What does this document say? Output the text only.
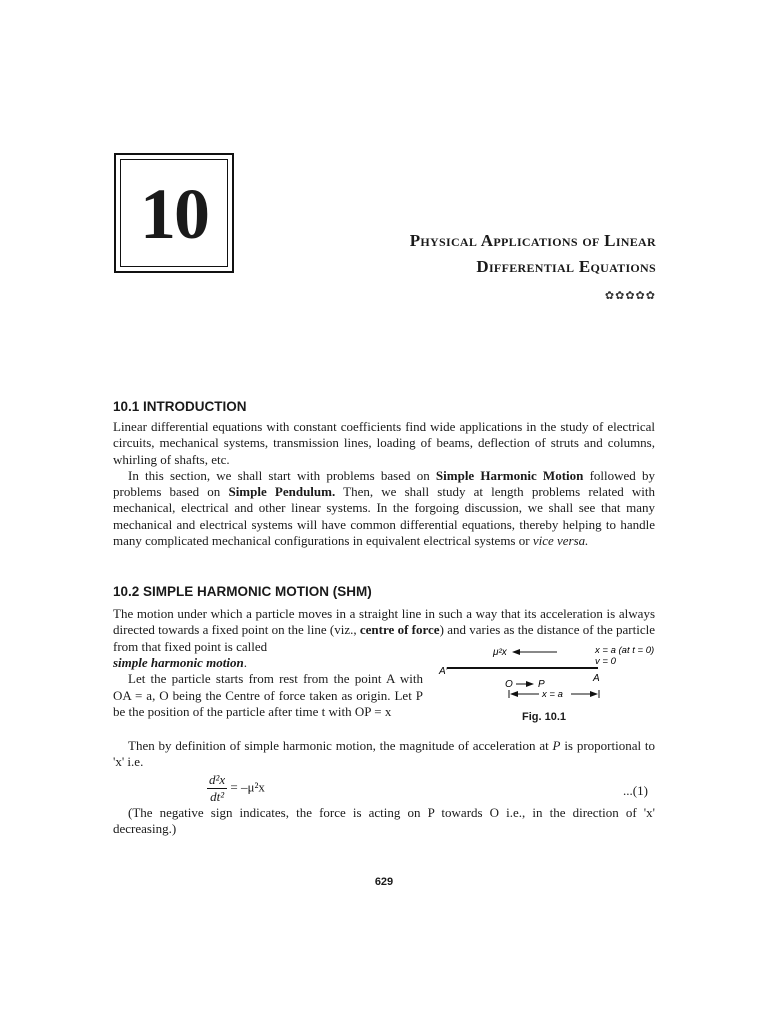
10	Physical Applications of Linear
Differential Equations
✿✿✿✿✿
10.1 INTRODUCTION

Linear differential equations with constant coefficients find wide applications in the study of electrical circuits, mechanical systems, transmission lines, loading of beams, deflection of struts and columns, whirling of shafts, etc.

In this section, we shall start with problems based on Simple Harmonic Motion followed by problems based on Simple Pendulum. Then, we shall study at length problems related with mechanical, electrical and other linear systems. In the forgoing discussion, we shall see that many mechanical and electrical systems will have common differential equations, thereby helping to handle many complicated mechanical configurations in equivalent electrical systems or vice versa.

10.2 SIMPLE HARMONIC MOTION (SHM)

The motion under which a particle moves in a straight line in such a way that its acceleration is always directed towards a fixed point on the line (viz., centre of force) and varies as the distance of the particle from that fixed point is called

simple harmonic motion.

Let the particle starts from rest from the point A with OA = a, O being the Centre of force taken as origin. Let P be the position of the particle after time t with OP = x

μ²x	x = a (at t = 0)
v = 0
A′
A
O	P
x = a
Fig. 10.1

Then by definition of simple harmonic motion, the magnitude of acceleration at P is proportional to 'x' i.e.

$\frac{\text{d²x}}{\text{dt²}} = -\mu^2x$	...(1)

(The negative sign indicates, the force is acting on P towards O i.e., in the direction of 'x' decreasing.)

629
